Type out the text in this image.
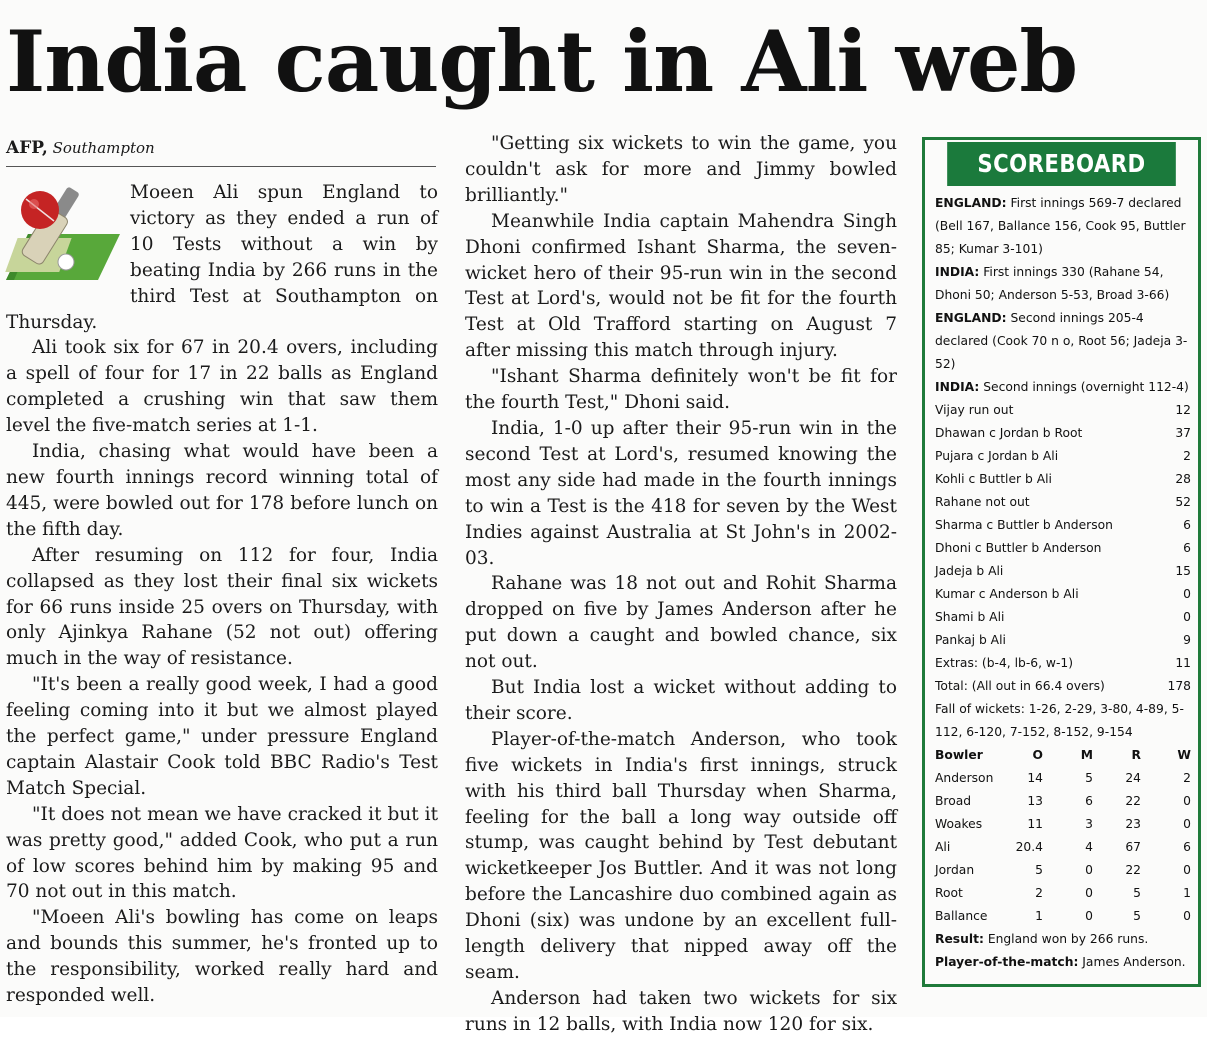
India caught in Ali web
AFP, Southampton

Moeen Ali spun England to victory as they ended a run of 10 Tests without a win by beating India by 266 runs in the third Test at Southampton on Thursday.

Ali took six for 67 in 20.4 overs, including a spell of four for 17 in 22 balls as England completed a crushing win that saw them level the five-match series at 1-1.

India, chasing what would have been a new fourth innings record winning total of 445, were bowled out for 178 before lunch on the fifth day.

After resuming on 112 for four, India collapsed as they lost their final six wickets for 66 runs inside 25 overs on Thursday, with only Ajinkya Rahane (52 not out) offering much in the way of resistance.

"It's been a really good week, I had a good feeling coming into it but we almost played the perfect game," under pressure England captain Alastair Cook told BBC Radio's Test Match Special.

"It does not mean we have cracked it but it was pretty good," added Cook, who put a run of low scores behind him by making 95 and 70 not out in this match.

"Moeen Ali's bowling has come on leaps and bounds this summer, he's fronted up to the responsibility, worked really hard and responded well.

"Getting six wickets to win the game, you couldn't ask for more and Jimmy bowled brilliantly."

Meanwhile India captain Mahendra Singh Dhoni confirmed Ishant Sharma, the seven-wicket hero of their 95-run win in the second Test at Lord's, would not be fit for the fourth Test at Old Trafford starting on August 7 after missing this match through injury.

"Ishant Sharma definitely won't be fit for the fourth Test," Dhoni said.

India, 1-0 up after their 95-run win in the second Test at Lord's, resumed knowing the most any side had made in the fourth innings to win a Test is the 418 for seven by the West Indies against Australia at St John's in 2002-03.

Rahane was 18 not out and Rohit Sharma dropped on five by James Anderson after he put down a caught and bowled chance, six not out.

But India lost a wicket without adding to their score.

Player-of-the-match Anderson, who took five wickets in India's first innings, struck with his third ball Thursday when Sharma, feeling for the ball a long way outside off stump, was caught behind by Test debutant wicketkeeper Jos Buttler. And it was not long before the Lancashire duo combined again as Dhoni (six) was undone by an excellent full-length delivery that nipped away off the seam.

Anderson had taken two wickets for six runs in 12 balls, with India now 120 for six.

SCOREBOARD

ENGLAND: First innings 569-7 declared (Bell 167, Ballance 156, Cook 95, Buttler 85; Kumar 3-101)

INDIA: First innings 330 (Rahane 54, Dhoni 50; Anderson 5-53, Broad 3-66)

ENGLAND: Second innings 205-4 declared (Cook 70 n o, Root 56; Jadeja 3-52)

INDIA: Second innings (overnight 112-4)

Vijay run out	12
Dhawan c Jordan b Root	37
Pujara c Jordan b Ali	2
Kohli c Buttler b Ali	28
Rahane not out	52
Sharma c Buttler b Anderson	6
Dhoni c Buttler b Anderson	6
Jadeja b Ali	15
Kumar c Anderson b Ali	0
Shami b Ali	0
Pankaj b Ali	9
Extras: (b-4, lb-6, w-1)	11
Total: (All out in 66.4 overs)	178

Fall of wickets: 1-26, 2-29, 3-80, 4-89, 5-112, 6-120, 7-152, 8-152, 9-154

Bowler	O	M	R	W
Anderson	14	5	24	2
Broad	13	6	22	0
Woakes	11	3	23	0
Ali	20.4	4	67	6
Jordan	5	0	22	0
Root	2	0	5	1
Ballance	1	0	5	0

Result: England won by 266 runs.

Player-of-the-match: James Anderson.
